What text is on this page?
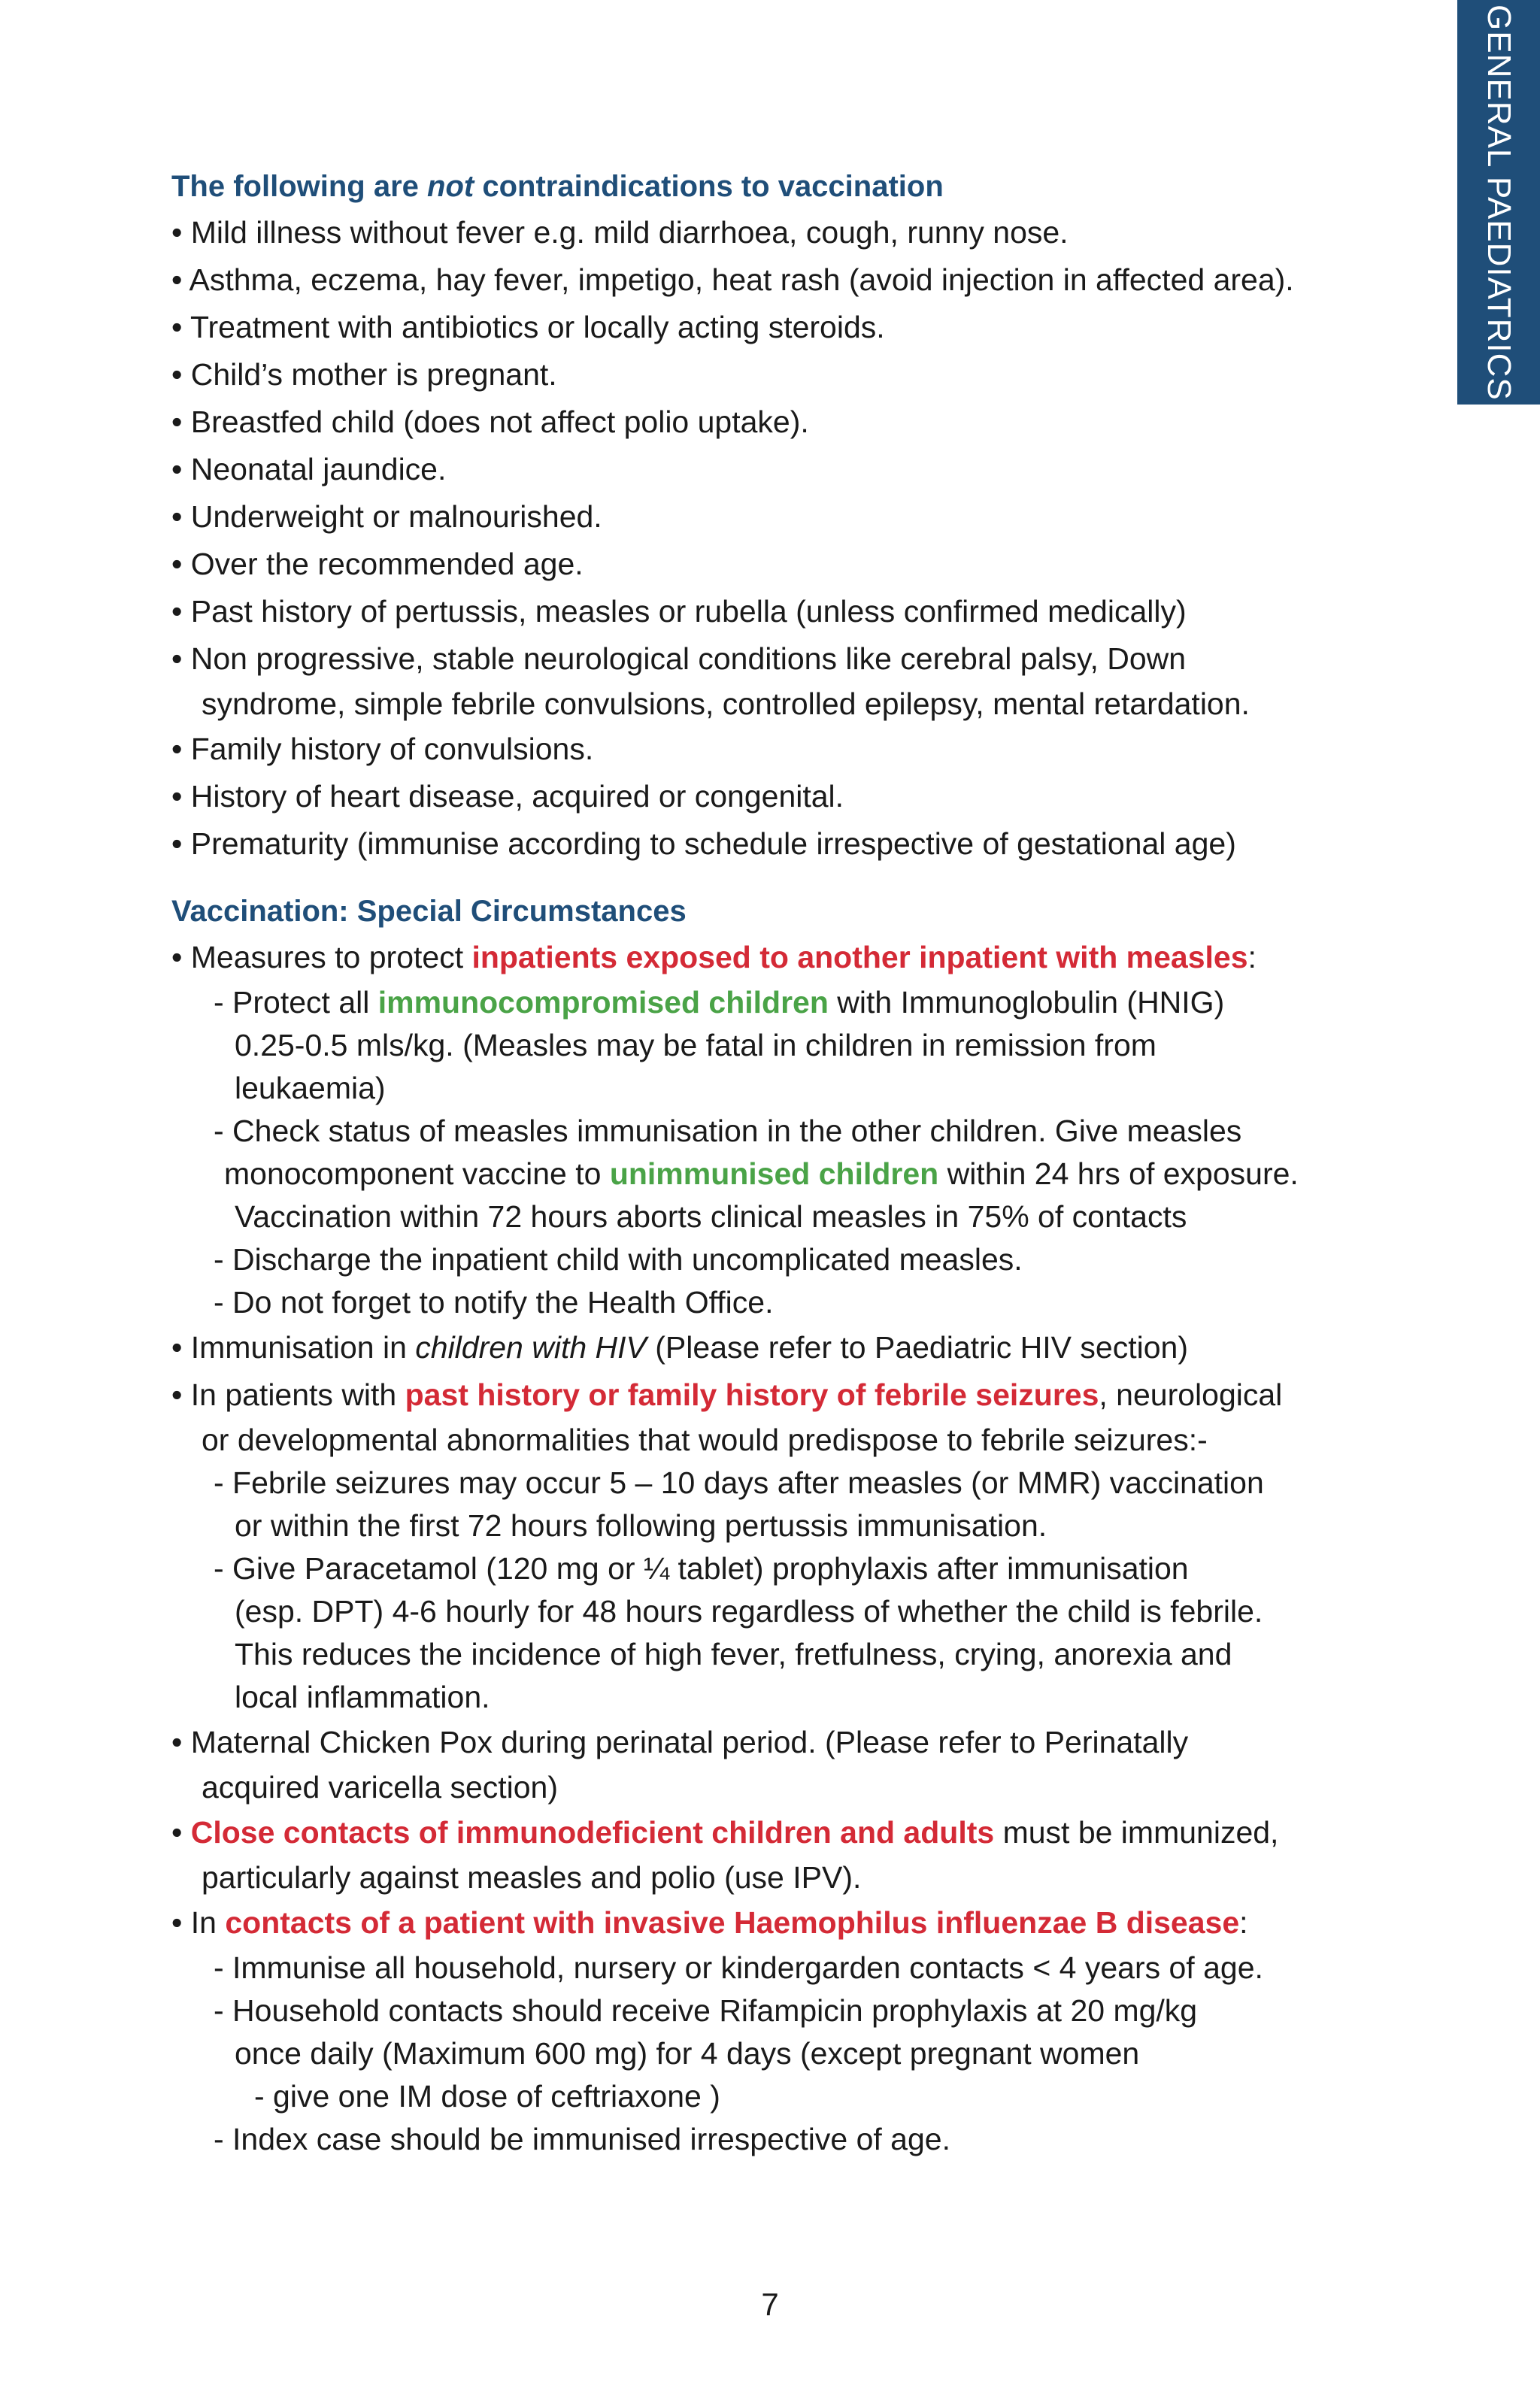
GENERAL PAEDIATRICS
The following are not contraindications to vaccination
• Mild illness without fever e.g. mild diarrhoea, cough, runny nose.
• Asthma, eczema, hay fever, impetigo, heat rash (avoid injection in affected area).
• Treatment with antibiotics or locally acting steroids.
• Child’s mother is pregnant.
• Breastfed child (does not affect polio uptake).
• Neonatal jaundice.
• Underweight or malnourished.
• Over the recommended age.
• Past history of pertussis, measles or rubella (unless confirmed medically)
• Non progressive, stable neurological conditions like cerebral palsy, Down
syndrome, simple febrile convulsions, controlled epilepsy, mental retardation.
• Family history of convulsions.
• History of heart disease, acquired or congenital.
• Prematurity (immunise according to schedule irrespective of gestational age)
Vaccination: Special Circumstances
• Measures to protect inpatients exposed to another inpatient with measles:
- Protect all immunocompromised children with Immunoglobulin (HNIG)
0.25-0.5 mls/kg. (Measles may be fatal in children in remission from
leukaemia)
- Check status of measles immunisation in the other children. Give measles
monocomponent vaccine to unimmunised children within 24 hrs of exposure.
Vaccination within 72 hours aborts clinical measles in 75% of contacts
- Discharge the inpatient child with uncomplicated measles.
- Do not forget to notify the Health Office.
• Immunisation in children with HIV (Please refer to Paediatric HIV section)
• In patients with past history or family history of febrile seizures, neurological
or developmental abnormalities that would predispose to febrile seizures:-
- Febrile seizures may occur 5 – 10 days after measles (or MMR) vaccination
or within the first 72 hours following pertussis immunisation.
- Give Paracetamol (120 mg or ¼ tablet) prophylaxis after immunisation
(esp. DPT) 4-6 hourly for 48 hours regardless of whether the child is febrile.
This reduces the incidence of high fever, fretfulness, crying, anorexia and
local inflammation.
• Maternal Chicken Pox during perinatal period. (Please refer to Perinatally
acquired varicella section)
• Close contacts of immunodeficient children and adults must be immunized,
particularly against measles and polio (use IPV).
• In contacts of a patient with invasive Haemophilus influenzae B disease:
- Immunise all household, nursery or kindergarden contacts < 4 years of age.
- Household contacts should receive Rifampicin prophylaxis at 20 mg/kg
once daily (Maximum 600 mg) for 4 days (except pregnant women
- give one IM dose of ceftriaxone )
- Index case should be immunised irrespective of age.
7
